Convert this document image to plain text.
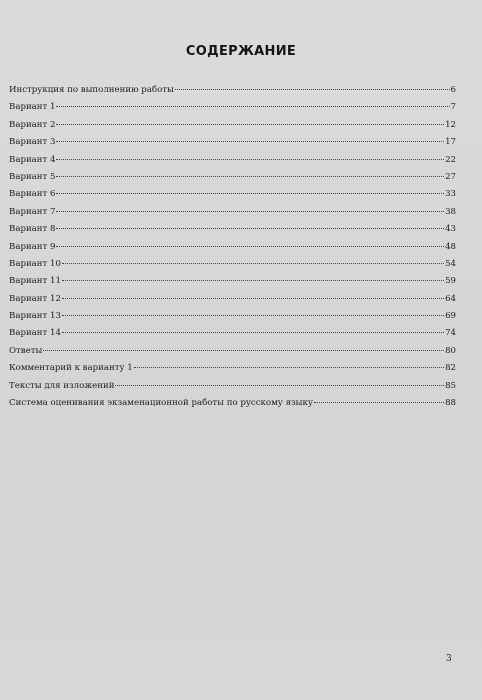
СОДЕРЖАНИЕ
Инструкция по выполнению работы	6
Вариант 1	7
Вариант 2	12
Вариант 3	17
Вариант 4	22
Вариант 5	27
Вариант 6	33
Вариант 7	38
Вариант 8	43
Вариант 9	48
Вариант 10	54
Вариант 11	59
Вариант 12	64
Вариант 13	69
Вариант 14	74
Ответы	80
Комментарий к варианту 1	82
Тексты для изложений	85
Система оценивания экзаменационной работы по русскому языку	88
3
